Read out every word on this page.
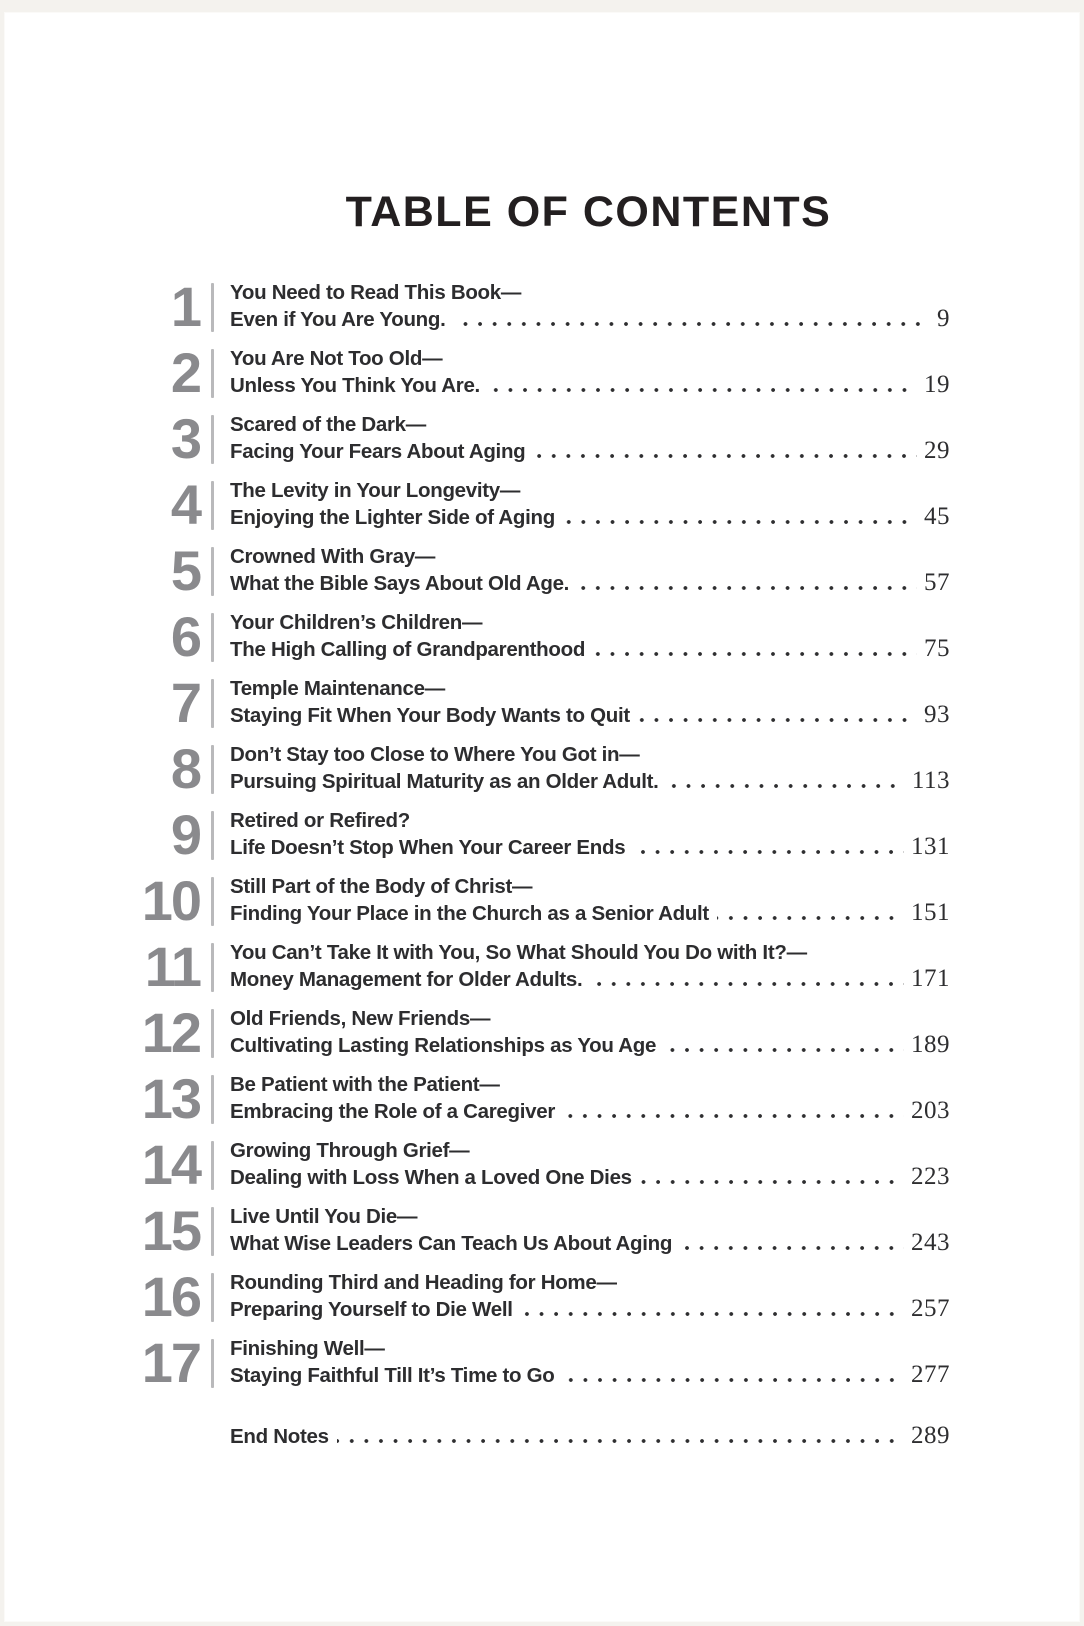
TABLE OF CONTENTS
1 You Need to Read This Book—
Even if You Are Young.	9
2 You Are Not Too Old—
Unless You Think You Are.	19
3 Scared of the Dark—
Facing Your Fears About Aging	29
4 The Levity in Your Longevity—
Enjoying the Lighter Side of Aging	45
5 Crowned With Gray—
What the Bible Says About Old Age.	57
6 Your Children’s Children—
The High Calling of Grandparenthood	75
7 Temple Maintenance—
Staying Fit When Your Body Wants to Quit	93
8 Don’t Stay too Close to Where You Got in—
Pursuing Spiritual Maturity as an Older Adult.	113
9 Retired or Refired?
Life Doesn’t Stop When Your Career Ends	131
10 Still Part of the Body of Christ—
Finding Your Place in the Church as a Senior Adult	151
11 You Can’t Take It with You, So What Should You Do with It?—
Money Management for Older Adults.	171
12 Old Friends, New Friends—
Cultivating Lasting Relationships as You Age	189
13 Be Patient with the Patient—
Embracing the Role of a Caregiver	203
14 Growing Through Grief—
Dealing with Loss When a Loved One Dies	223
15 Live Until You Die—
What Wise Leaders Can Teach Us About Aging	243
16 Rounding Third and Heading for Home—
Preparing Yourself to Die Well	257
17 Finishing Well—
Staying Faithful Till It’s Time to Go	277
End Notes	289
